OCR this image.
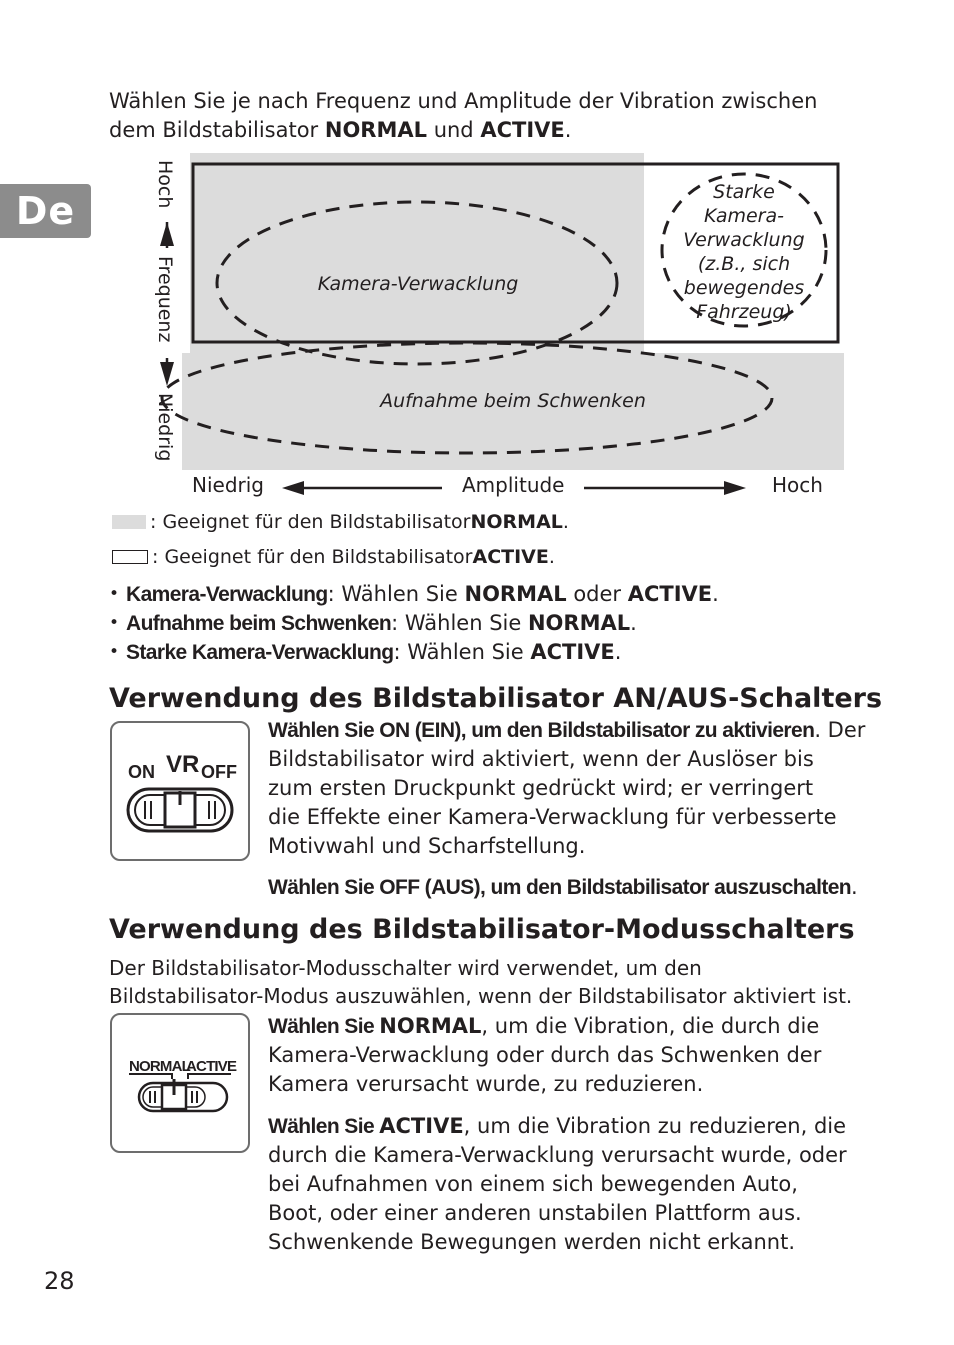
De
Wählen Sie je nach Frequenz und Amplitude der Vibration zwischen
dem Bildstabilisator NORMAL und ACTIVE.
Kamera-Verwacklung
Aufnahme beim Schwenken
Starke
Kamera-
Verwacklung
(z.B., sich
bewegendes
Fahrzeug)
Hoch
Frequenz
Niedrig
Niedrig	Amplitude	Hoch
: Geeignet für den Bildstabilisator NORMAL .
: Geeignet für den Bildstabilisator ACTIVE .
• Kamera-Verwacklung: Wählen Sie NORMAL oder ACTIVE.
• Aufnahme beim Schwenken: Wählen Sie NORMAL.
• Starke Kamera-Verwacklung: Wählen Sie ACTIVE.
Verwendung des Bildstabilisator AN/AUS-Schalters
ON VR OFF
Wählen Sie ON (EIN), um den Bildstabilisator zu aktivieren. Der
Bildstabilisator wird aktiviert, wenn der Auslöser bis
zum ersten Druckpunkt gedrückt wird; er verringert
die Effekte einer Kamera-Verwacklung für verbesserte
Motivwahl und Scharfstellung.
Wählen Sie OFF (AUS), um den Bildstabilisator auszuschalten.
Verwendung des Bildstabilisator-Modusschalters
Der Bildstabilisator-Modusschalter wird verwendet, um den
Bildstabilisator-Modus auszuwählen, wenn der Bildstabilisator aktiviert ist.
NORMAL
ACTIVE
Wählen Sie NORMAL, um die Vibration, die durch die
Kamera-Verwacklung oder durch das Schwenken der
Kamera verursacht wurde, zu reduzieren.
Wählen Sie ACTIVE, um die Vibration zu reduzieren, die
durch die Kamera-Verwacklung verursacht wurde, oder
bei Aufnahmen von einem sich bewegenden Auto,
Boot, oder einer anderen unstabilen Plattform aus.
Schwenkende Bewegungen werden nicht erkannt.
28
